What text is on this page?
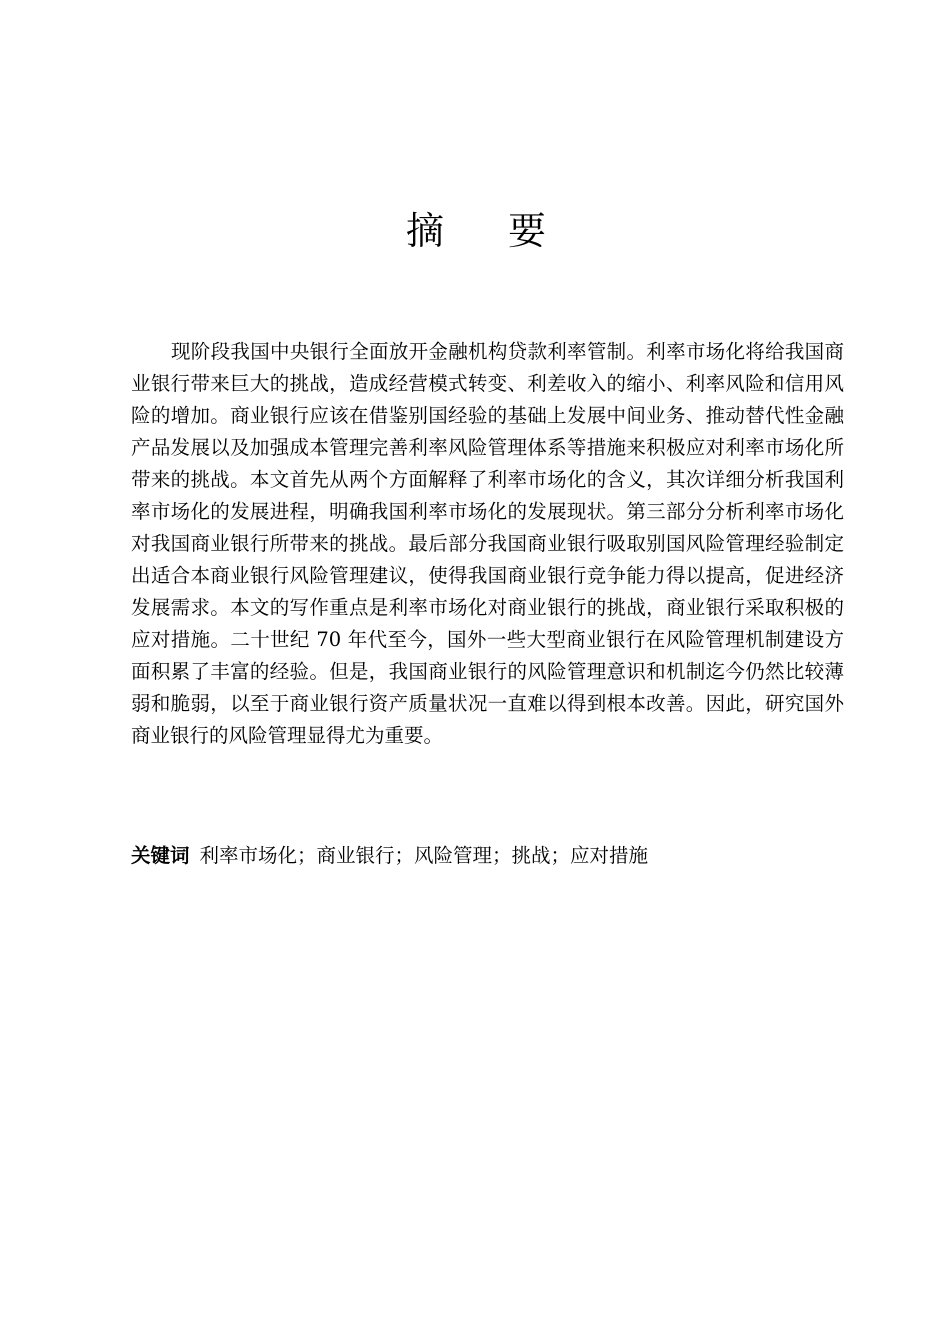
摘 要

现阶段我国中央银行全面放开金融机构贷款利率管制。利率市场化将给我国商业银行带来巨大的挑战，造成经营模式转变、利差收入的缩小、利率风险和信用风险的增加。商业银行应该在借鉴别国经验的基础上发展中间业务、推动替代性金融产品发展以及加强成本管理完善利率风险管理体系等措施来积极应对利率市场化所带来的挑战。本文首先从两个方面解释了利率市场化的含义，其次详细分析我国利率市场化的发展进程，明确我国利率市场化的发展现状。第三部分分析利率市场化对我国商业银行所带来的挑战。最后部分我国商业银行吸取别国风险管理经验制定出适合本商业银行风险管理建议，使得我国商业银行竞争能力得以提高，促进经济发展需求。本文的写作重点是利率市场化对商业银行的挑战，商业银行采取积极的应对措施。二十世纪 70 年代至今，国外一些大型商业银行在风险管理机制建设方面积累了丰富的经验。但是，我国商业银行的风险管理意识和机制迄今仍然比较薄弱和脆弱，以至于商业银行资产质量状况一直难以得到根本改善。因此，研究国外商业银行的风险管理显得尤为重要。

关键词 利率市场化；商业银行；风险管理；挑战；应对措施
